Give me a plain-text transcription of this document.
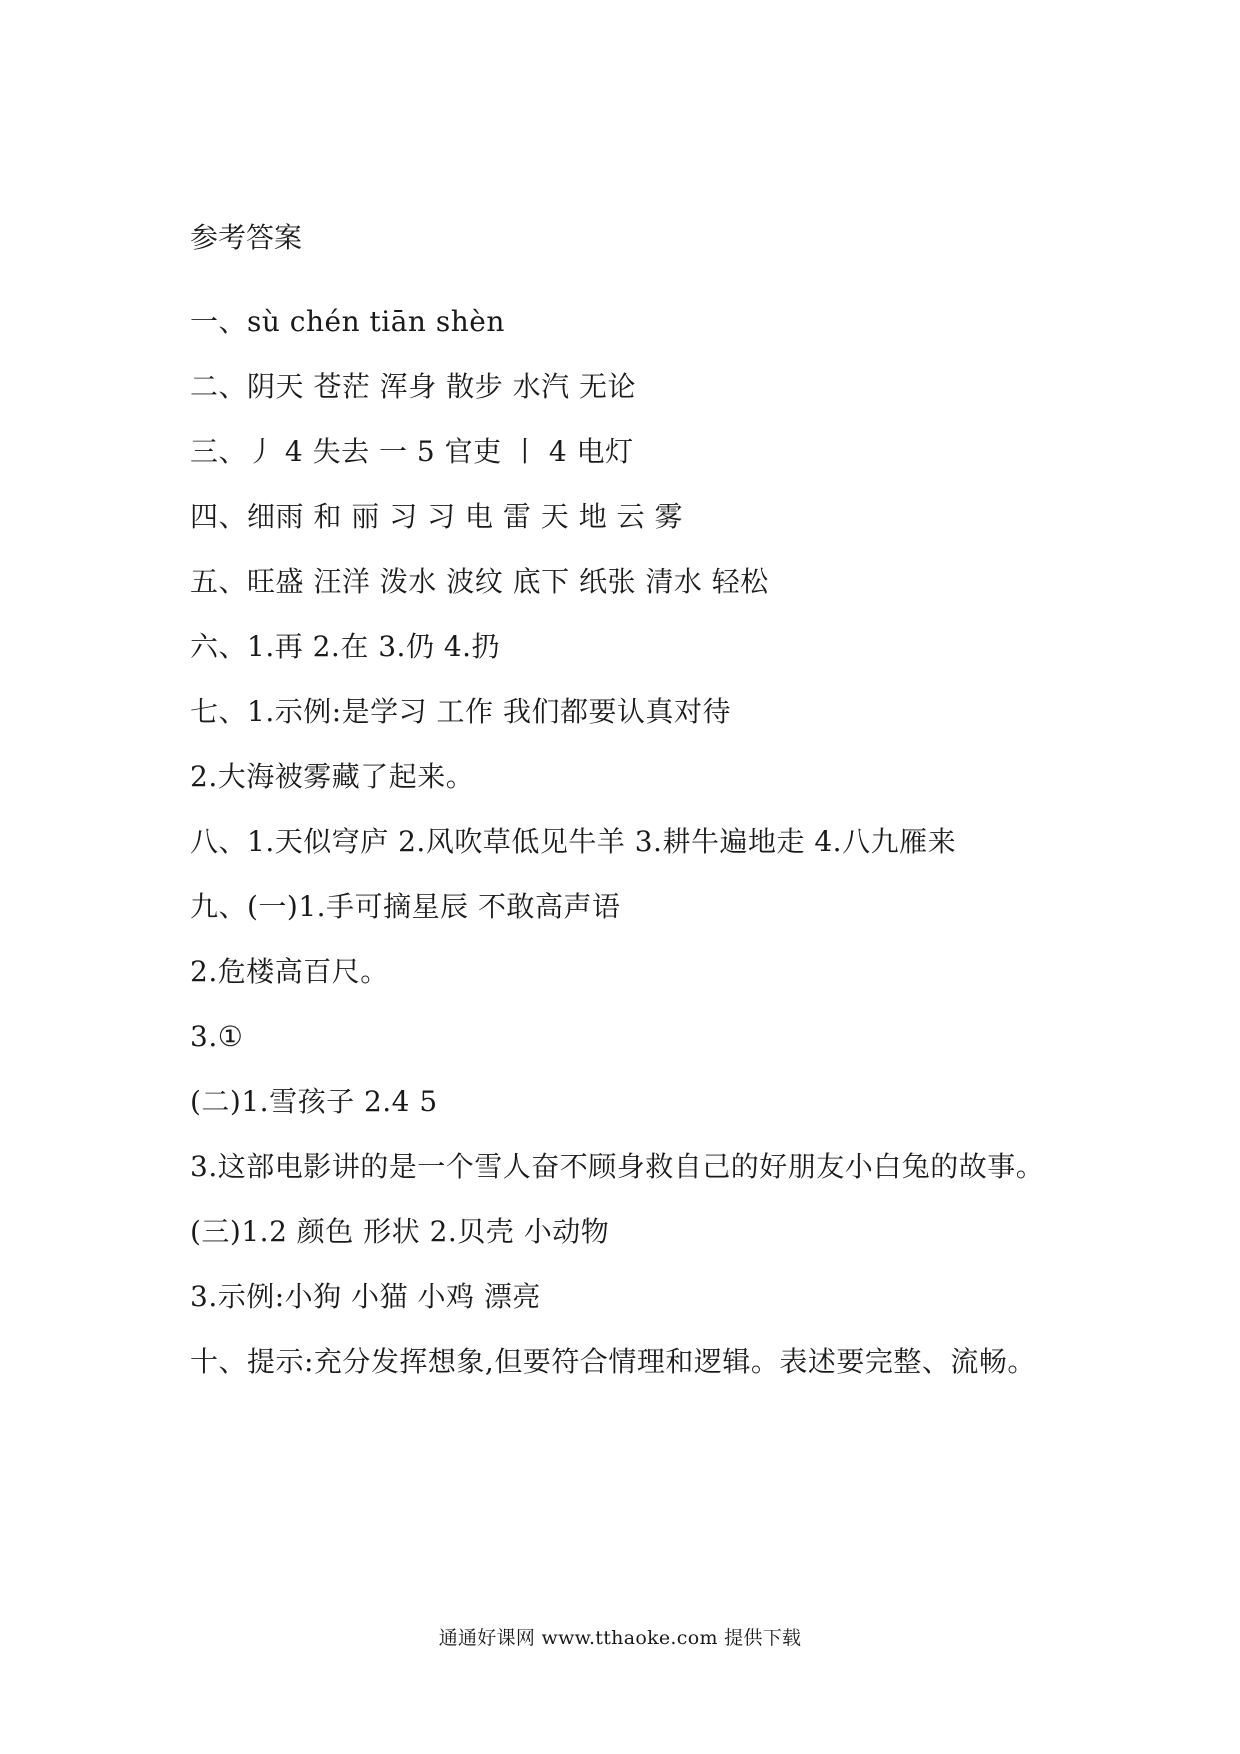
参考答案
一、sù chén tiān shèn
二、阴天 苍茫 浑身 散步 水汽 无论
三、丿 4 失去 一 5 官吏 丨 4 电灯
四、细雨 和 丽 习 习 电 雷 天 地 云 雾
五、旺盛 汪洋 泼水 波纹 底下 纸张 清水 轻松
六、1.再 2.在 3.仍 4.扔
七、1.示例:是学习 工作 我们都要认真对待
2.大海被雾藏了起来。
八、1.天似穹庐 2.风吹草低见牛羊 3.耕牛遍地走 4.八九雁来
九、(一)1.手可摘星辰 不敢高声语
2.危楼高百尺。
3.①
(二)1.雪孩子 2.4 5
3.这部电影讲的是一个雪人奋不顾身救自己的好朋友小白兔的故事。
(三)1.2 颜色 形状 2.贝壳 小动物
3.示例:小狗 小猫 小鸡 漂亮
十、提示:充分发挥想象,但要符合情理和逻辑。表述要完整、流畅。
通通好课网 www.tthaoke.com 提供下载
